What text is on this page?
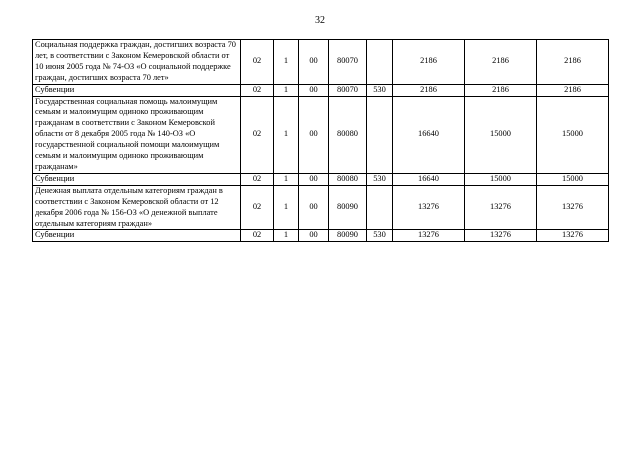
32
Социальная поддержка граждан, достигших возраста 70 лет, в соответствии с Законом Кемеровской области от 10 июня 2005 года № 74-ОЗ «О социальной поддержке граждан, достигших возраста 70 лет»	02	1	00	80070		2186	2186	2186
Субвенции	02	1	00	80070	530	2186	2186	2186
Государственная социальная помощь малоимущим семьям и малоимущим одиноко проживающим гражданам в соответствии с Законом Кемеровской области от 8 декабря 2005 года № 140-ОЗ «О государственной социальной помощи малоимущим семьям и малоимущим одиноко проживающим гражданам»	02	1	00	80080		16640	15000	15000
Субвенции	02	1	00	80080	530	16640	15000	15000
Денежная выплата отдельным категориям граждан в соответствии с Законом Кемеровской области от 12 декабря 2006 года № 156-ОЗ «О денежной выплате отдельным категориям граждан»	02	1	00	80090		13276	13276	13276
Субвенции	02	1	00	80090	530	13276	13276	13276
